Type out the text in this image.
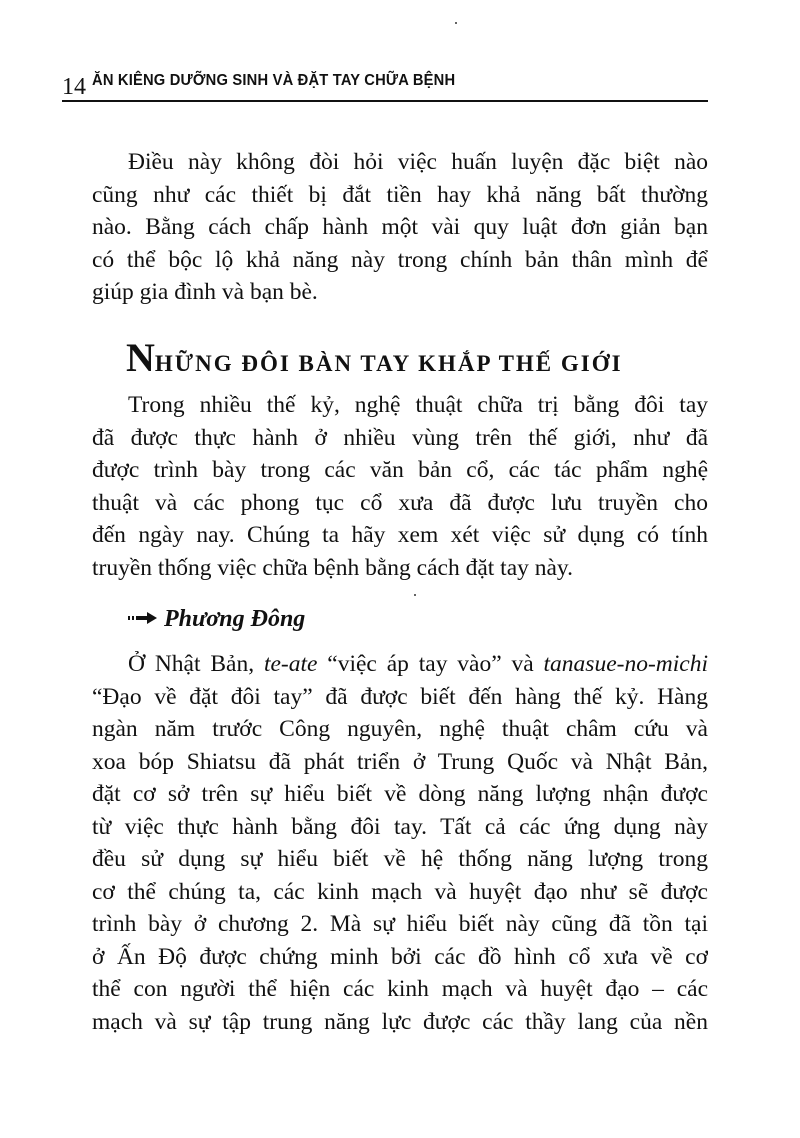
14 ĂN KIÊNG DƯỠNG SINH VÀ ĐẶT TAY CHỮA BỆNH
Điều này không đòi hỏi việc huấn luyện đặc biệt nào
cũng như các thiết bị đắt tiền hay khả năng bất thường
nào. Bằng cách chấp hành một vài quy luật đơn giản bạn
có thể bộc lộ khả năng này trong chính bản thân mình để
giúp gia đình và bạn bè.
NHỮNG ĐÔI BÀN TAY KHẮP THẾ GIỚI
Trong nhiều thế kỷ, nghệ thuật chữa trị bằng đôi tay
đã được thực hành ở nhiều vùng trên thế giới, như đã
được trình bày trong các văn bản cổ, các tác phẩm nghệ
thuật và các phong tục cổ xưa đã được lưu truyền cho
đến ngày nay. Chúng ta hãy xem xét việc sử dụng có tính
truyền thống việc chữa bệnh bằng cách đặt tay này.
Phương Đông
Ở Nhật Bản, te-ate “việc áp tay vào” và tanasue-no-michi
“Đạo về đặt đôi tay” đã được biết đến hàng thế kỷ. Hàng
ngàn năm trước Công nguyên, nghệ thuật châm cứu và
xoa bóp Shiatsu đã phát triển ở Trung Quốc và Nhật Bản,
đặt cơ sở trên sự hiểu biết về dòng năng lượng nhận được
từ việc thực hành bằng đôi tay. Tất cả các ứng dụng này
đều sử dụng sự hiểu biết về hệ thống năng lượng trong
cơ thể chúng ta, các kinh mạch và huyệt đạo như sẽ được
trình bày ở chương 2. Mà sự hiểu biết này cũng đã tồn tại
ở Ấn Độ được chứng minh bởi các đồ hình cổ xưa về cơ
thể con người thể hiện các kinh mạch và huyệt đạo – các
mạch và sự tập trung năng lực được các thầy lang của nền
